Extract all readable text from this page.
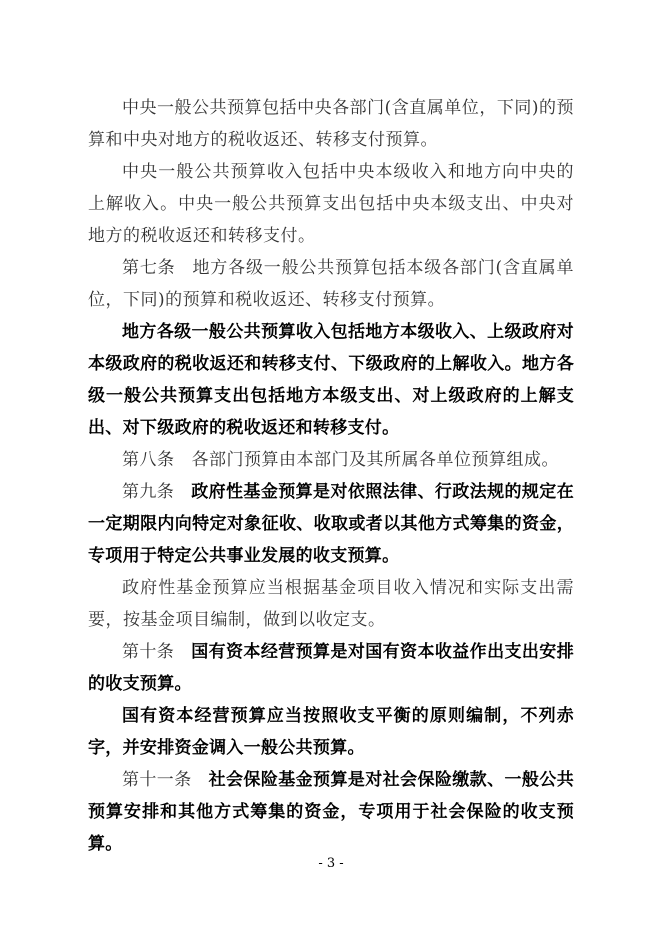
中央一般公共预算包括中央各部门(含直属单位，下同)的预算和中央对地方的税收返还、转移支付预算。

中央一般公共预算收入包括中央本级收入和地方向中央的上解收入。中央一般公共预算支出包括中央本级支出、中央对地方的税收返还和转移支付。

第七条 地方各级一般公共预算包括本级各部门(含直属单位，下同)的预算和税收返还、转移支付预算。

地方各级一般公共预算收入包括地方本级收入、上级政府对本级政府的税收返还和转移支付、下级政府的上解收入。地方各级一般公共预算支出包括地方本级支出、对上级政府的上解支出、对下级政府的税收返还和转移支付。

第八条 各部门预算由本部门及其所属各单位预算组成。

第九条 政府性基金预算是对依照法律、行政法规的规定在一定期限内向特定对象征收、收取或者以其他方式筹集的资金，专项用于特定公共事业发展的收支预算。

政府性基金预算应当根据基金项目收入情况和实际支出需要，按基金项目编制，做到以收定支。

第十条 国有资本经营预算是对国有资本收益作出支出安排的收支预算。

国有资本经营预算应当按照收支平衡的原则编制，不列赤字，并安排资金调入一般公共预算。

第十一条 社会保险基金预算是对社会保险缴款、一般公共预算安排和其他方式筹集的资金，专项用于社会保险的收支预算。

- 3 -
